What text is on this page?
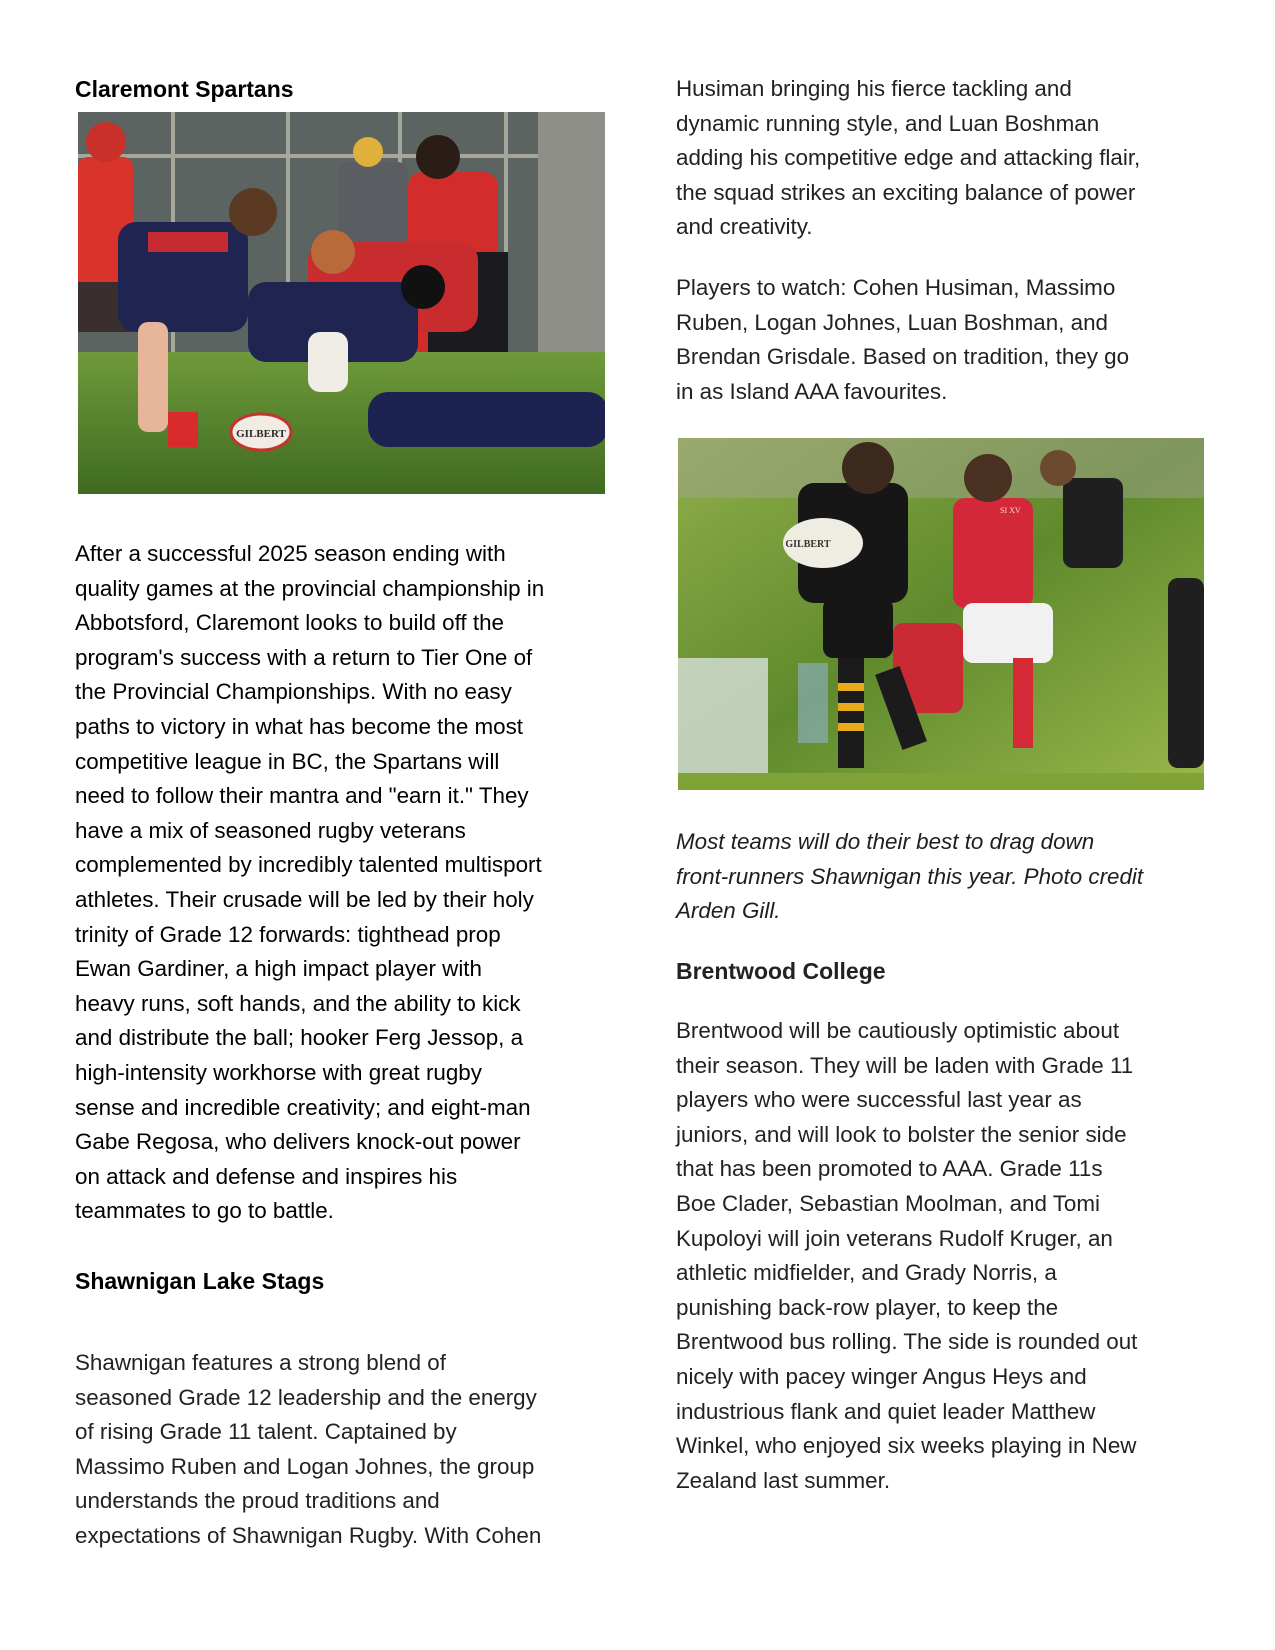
Claremont Spartans
GILBERT

After a successful 2025 season ending with
quality games at the provincial championship in
Abbotsford, Claremont looks to build off the
program's success with a return to Tier One of
the Provincial Championships. With no easy
paths to victory in what has become the most
competitive league in BC, the Spartans will
need to follow their mantra and "earn it." They
have a mix of seasoned rugby veterans
complemented by incredibly talented multisport
athletes. Their crusade will be led by their holy
trinity of Grade 12 forwards: tighthead prop
Ewan Gardiner, a high impact player with
heavy runs, soft hands, and the ability to kick
and distribute the ball; hooker Ferg Jessop, a
high-intensity workhorse with great rugby
sense and incredible creativity; and eight-man
Gabe Regosa, who delivers knock-out power
on attack and defense and inspires his
teammates to go to battle.

Shawnigan Lake Stags

Shawnigan features a strong blend of
seasoned Grade 12 leadership and the energy
of rising Grade 11 talent. Captained by
Massimo Ruben and Logan Johnes, the group
understands the proud traditions and
expectations of Shawnigan Rugby. With Cohen

Husiman bringing his fierce tackling and
dynamic running style, and Luan Boshman
adding his competitive edge and attacking flair,
the squad strikes an exciting balance of power
and creativity.

Players to watch: Cohen Husiman, Massimo
Ruben, Logan Johnes, Luan Boshman, and
Brendan Grisdale. Based on tradition, they go
in as Island AAA favourites.

SI XV
GILBERT

Most teams will do their best to drag down
front-runners Shawnigan this year. Photo credit
Arden Gill.

Brentwood College

Brentwood will be cautiously optimistic about
their season. They will be laden with Grade 11
players who were successful last year as
juniors, and will look to bolster the senior side
that has been promoted to AAA. Grade 11s
Boe Clader, Sebastian Moolman, and Tomi
Kupoloyi will join veterans Rudolf Kruger, an
athletic midfielder, and Grady Norris, a
punishing back-row player, to keep the
Brentwood bus rolling. The side is rounded out
nicely with pacey winger Angus Heys and
industrious flank and quiet leader Matthew
Winkel, who enjoyed six weeks playing in New
Zealand last summer.
